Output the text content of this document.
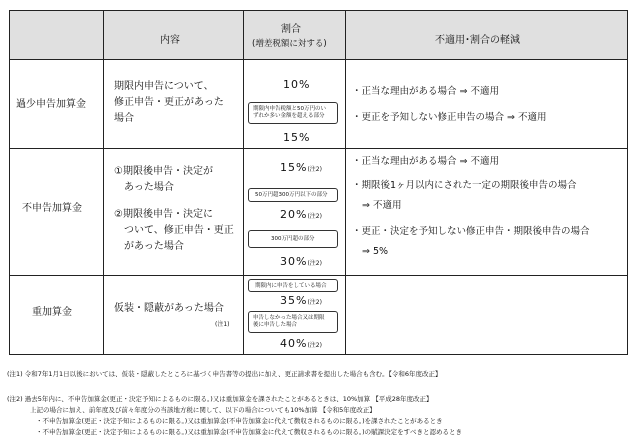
内容
割合
(増差税額に対する)	不適用･割合の軽減
過少申告加算金
期限内申告について、
修正申告・更正があった
場合
10%
期限内申告税額と50万円のい
ずれか多い金額を超える部分
15%
・正当な理由がある場合 ⇒ 不適用
・更正を予知しない修正申告の場合 ⇒ 不適用
不申告加算金
①期限後申告・決定が
　あった場合
②期限後申告・決定に
　ついて、修正申告・更正
　があった場合
15%(注2)
50万円超300万円以下の部分
20%(注2)
300万円超の部分
30%(注2)
・正当な理由がある場合 ⇒ 不適用
・期限後1ヶ月以内にされた一定の期限後申告の場合
⇒ 不適用
・更正・決定を予知しない修正申告・期限後申告の場合
⇒ 5%
重加算金	仮装・隠蔽があった場合
(注1)
期限内に申告をしている場合
35%(注2)
申告しなかった場合又は期限
後に申告した場合
40%(注2)
(注1) 令和7年1月1日以後においては、仮装・隠蔽したところに基づく申告書等の提出に加え、更正請求書を提出した場合も含む。【令和6年度改正】
(注2) 過去5年内に、不申告加算金(更正・決定予知によるものに限る。)又は重加算金を課されたことがあるときは、10%加算 【平成28年度改正】
上記の場合に加え、前年度及び前々年度分の当該地方税に関して、以下の場合についても10%加算 【令和5年度改正】
・不申告加算金(更正・決定予知によるものに限る。)又は重加算金(不申告加算金に代えて徴収されるものに限る。)を課されたことがあるとき
・不申告加算金(更正・決定予知によるものに限る。)又は重加算金(不申告加算金に代えて徴収されるものに限る。)の賦課決定をすべきと認めるとき
